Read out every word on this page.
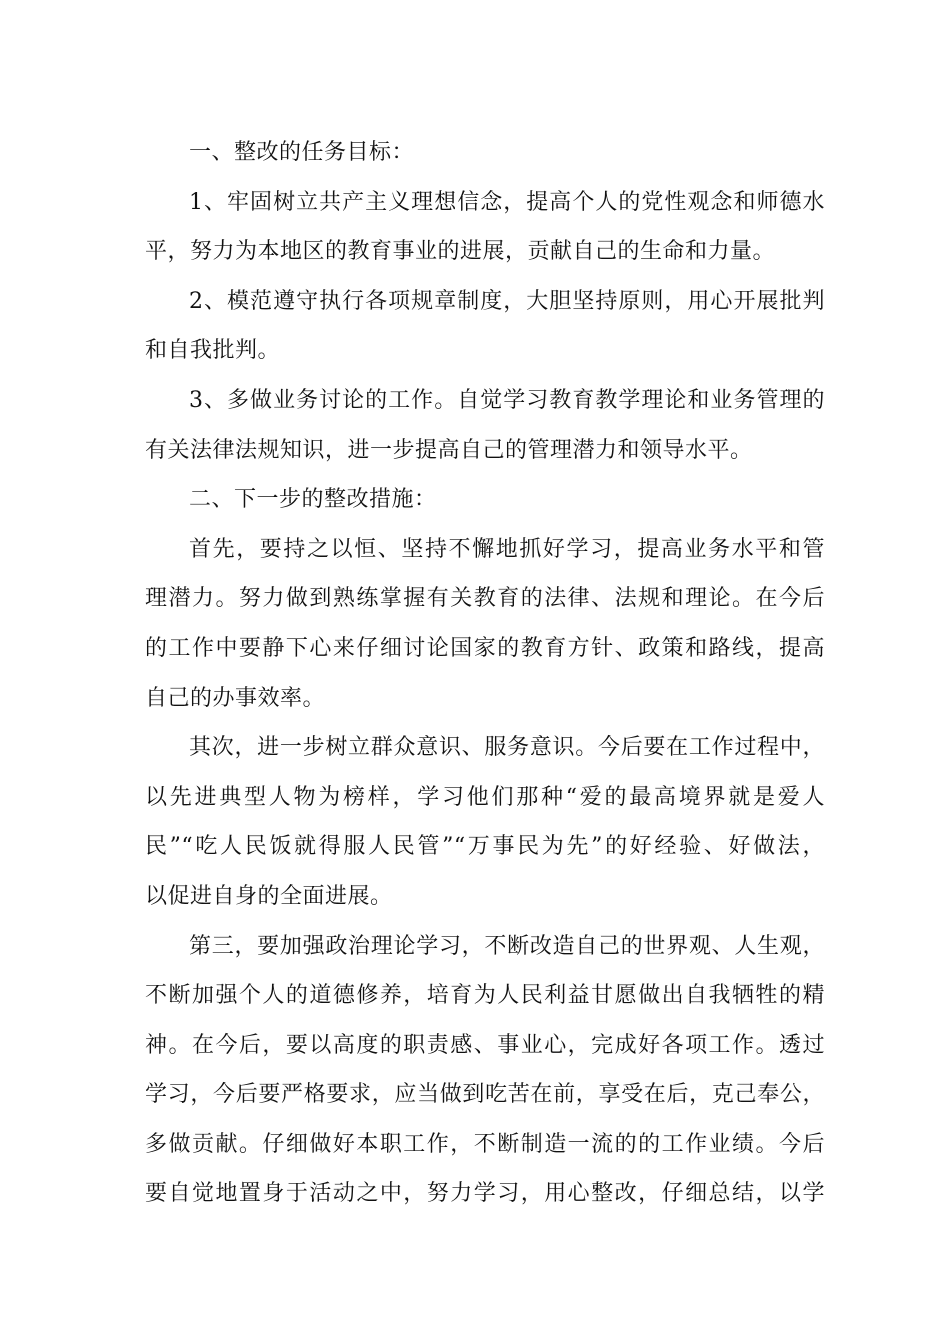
一、整改的任务目标：
1、牢固树立共产主义理想信念，提高个人的党性观念和师德水
平，努力为本地区的教育事业的进展，贡献自己的生命和力量。
2、模范遵守执行各项规章制度，大胆坚持原则，用心开展批判
和自我批判。
3、多做业务讨论的工作。自觉学习教育教学理论和业务管理的
有关法律法规知识，进一步提高自己的管理潜力和领导水平。
二、下一步的整改措施：
首先，要持之以恒、坚持不懈地抓好学习，提高业务水平和管
理潜力。努力做到熟练掌握有关教育的法律、法规和理论。在今后
的工作中要静下心来仔细讨论国家的教育方针、政策和路线，提高
自己的办事效率。
其次，进一步树立群众意识、服务意识。今后要在工作过程中，
以先进典型人物为榜样，学习他们那种“爱的最高境界就是爱人
民”“吃人民饭就得服人民管”“万事民为先”的好经验、好做法，
以促进自身的全面进展。
第三，要加强政治理论学习，不断改造自己的世界观、人生观，
不断加强个人的道德修养，培育为人民利益甘愿做出自我牺牲的精
神。在今后，要以高度的职责感、事业心，完成好各项工作。透过
学习，今后要严格要求，应当做到吃苦在前，享受在后，克己奉公，
多做贡献。仔细做好本职工作，不断制造一流的的工作业绩。今后
要自觉地置身于活动之中，努力学习，用心整改，仔细总结，以学
